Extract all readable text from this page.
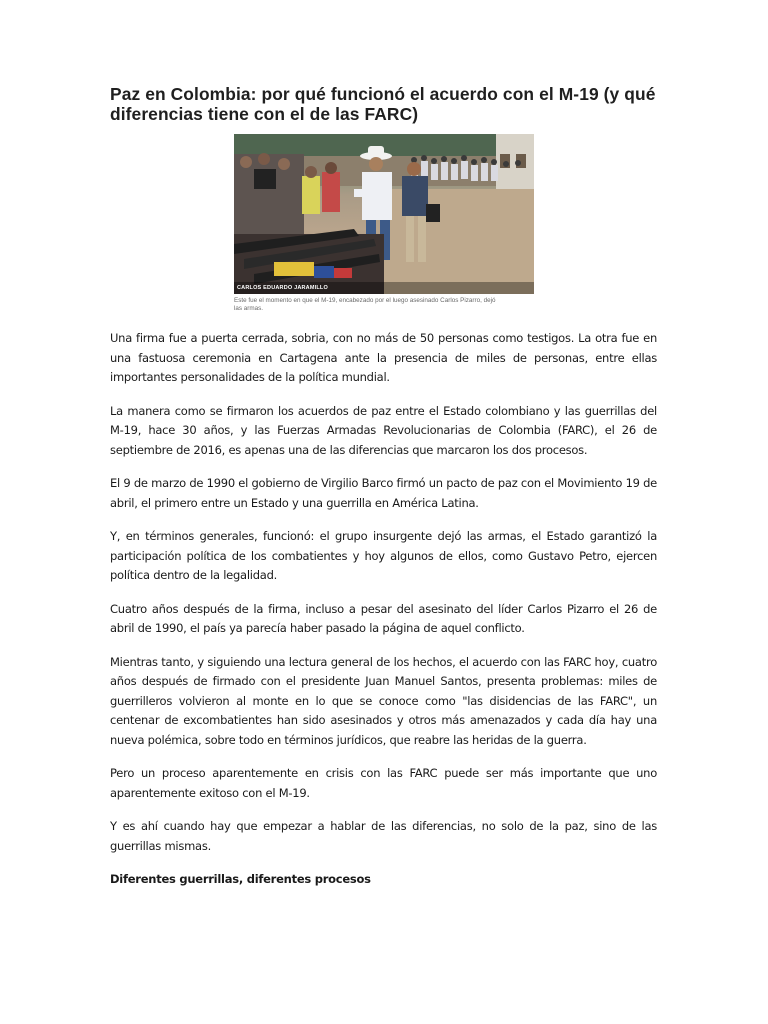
Paz en Colombia: por qué funcionó el acuerdo con el M-19 (y qué diferencias tiene con el de las FARC)
CARLOS EDUARDO JARAMILLO
Este fue el momento en que el M-19, encabezado por el luego asesinado Carlos Pizarro, dejó las armas.

Una firma fue a puerta cerrada, sobria, con no más de 50 personas como testigos. La otra fue en una fastuosa ceremonia en Cartagena ante la presencia de miles de personas, entre ellas importantes personalidades de la política mundial.

La manera como se firmaron los acuerdos de paz entre el Estado colombiano y las guerrillas del M-19, hace 30 años, y las Fuerzas Armadas Revolucionarias de Colombia (FARC), el 26 de septiembre de 2016, es apenas una de las diferencias que marcaron los dos procesos.

El 9 de marzo de 1990 el gobierno de Virgilio Barco firmó un pacto de paz con el Movimiento 19 de abril, el primero entre un Estado y una guerrilla en América Latina.

Y, en términos generales, funcionó: el grupo insurgente dejó las armas, el Estado garantizó la participación política de los combatientes y hoy algunos de ellos, como Gustavo Petro, ejercen política dentro de la legalidad.

Cuatro años después de la firma, incluso a pesar del asesinato del líder Carlos Pizarro el 26 de abril de 1990, el país ya parecía haber pasado la página de aquel conflicto.

Mientras tanto, y siguiendo una lectura general de los hechos, el acuerdo con las FARC hoy, cuatro años después de firmado con el presidente Juan Manuel Santos, presenta problemas: miles de guerrilleros volvieron al monte en lo que se conoce como "las disidencias de las FARC", un centenar de excombatientes han sido asesinados y otros más amenazados y cada día hay una nueva polémica, sobre todo en términos jurídicos, que reabre las heridas de la guerra.

Pero un proceso aparentemente en crisis con las FARC puede ser más importante que uno aparentemente exitoso con el M-19.

Y es ahí cuando hay que empezar a hablar de las diferencias, no solo de la paz, sino de las guerrillas mismas.

Diferentes guerrillas, diferentes procesos
